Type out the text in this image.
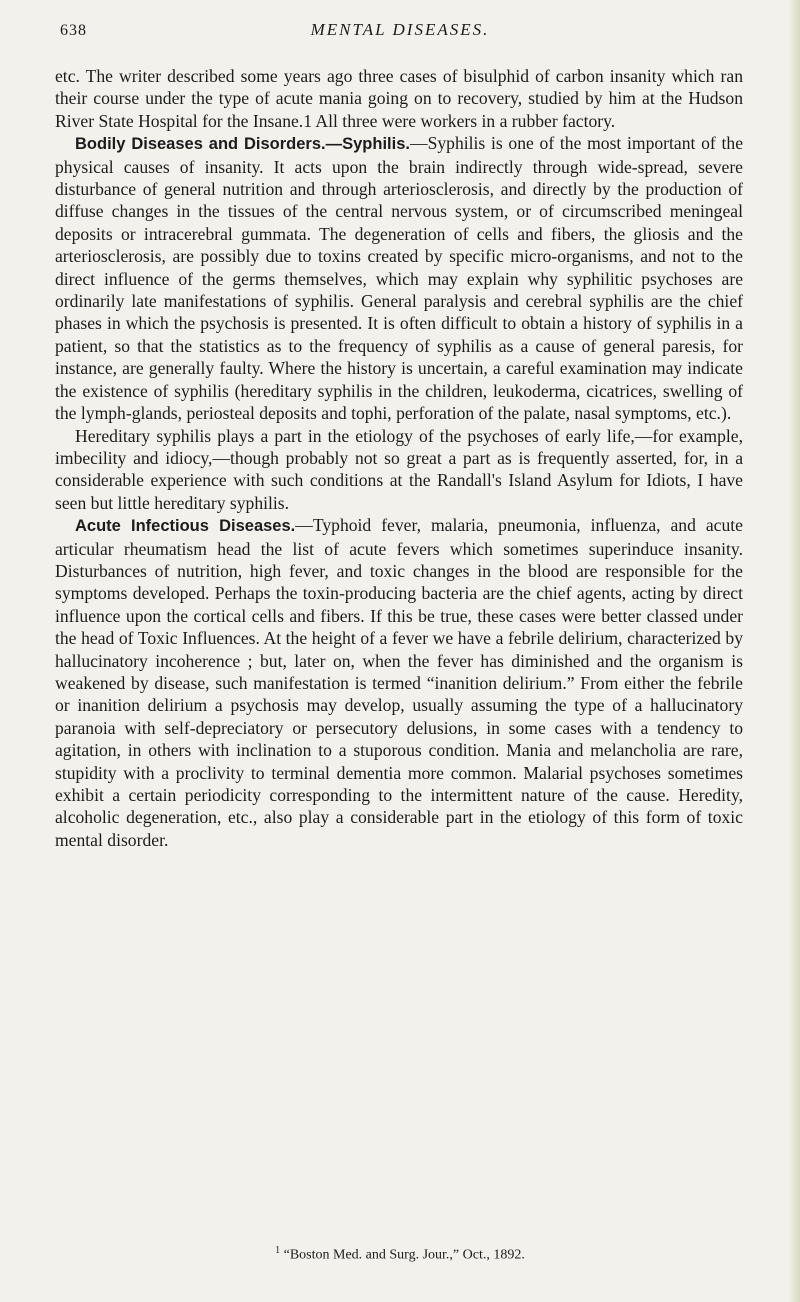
638	MENTAL DISEASES.

etc. The writer described some years ago three cases of bisulphid of carbon insanity which ran their course under the type of acute mania going on to recovery, studied by him at the Hudson River State Hospital for the Insane.1 All three were workers in a rubber factory.

Bodily Diseases and Disorders.—Syphilis.—Syphilis is one of the most important of the physical causes of insanity. It acts upon the brain indirectly through wide-spread, severe disturbance of general nutrition and through arteriosclerosis, and directly by the production of diffuse changes in the tissues of the central nervous system, or of circumscribed meningeal deposits or intracerebral gummata. The degeneration of cells and fibers, the gliosis and the arteriosclerosis, are possibly due to toxins created by specific micro-organisms, and not to the direct influence of the germs themselves, which may explain why syphilitic psychoses are ordinarily late manifestations of syphilis. General paralysis and cerebral syphilis are the chief phases in which the psychosis is presented. It is often difficult to obtain a history of syphilis in a patient, so that the statistics as to the frequency of syphilis as a cause of general paresis, for instance, are generally faulty. Where the history is uncertain, a careful examination may indicate the existence of syphilis (hereditary syphilis in the children, leukoderma, cicatrices, swelling of the lymph-glands, periosteal deposits and tophi, perforation of the palate, nasal symptoms, etc.).

Hereditary syphilis plays a part in the etiology of the psychoses of early life,—for example, imbecility and idiocy,—though probably not so great a part as is frequently asserted, for, in a considerable experience with such conditions at the Randall's Island Asylum for Idiots, I have seen but little hereditary syphilis.

Acute Infectious Diseases.—Typhoid fever, malaria, pneumonia, influenza, and acute articular rheumatism head the list of acute fevers which sometimes superinduce insanity. Disturbances of nutrition, high fever, and toxic changes in the blood are responsible for the symptoms developed. Perhaps the toxin-producing bacteria are the chief agents, acting by direct influence upon the cortical cells and fibers. If this be true, these cases were better classed under the head of Toxic Influences. At the height of a fever we have a febrile delirium, characterized by hallucinatory incoherence ; but, later on, when the fever has diminished and the organism is weakened by disease, such manifestation is termed “inanition delirium.” From either the febrile or inanition delirium a psychosis may develop, usually assuming the type of a hallucinatory paranoia with self-depreciatory or persecutory delusions, in some cases with a tendency to agitation, in others with inclination to a stuporous condition. Mania and melancholia are rare, stupidity with a proclivity to terminal dementia more common. Malarial psychoses sometimes exhibit a certain periodicity corresponding to the intermittent nature of the cause. Heredity, alcoholic degeneration, etc., also play a considerable part in the etiology of this form of toxic mental disorder.

$^1$ “Boston Med. and Surg. Jour.,” Oct., 1892.
